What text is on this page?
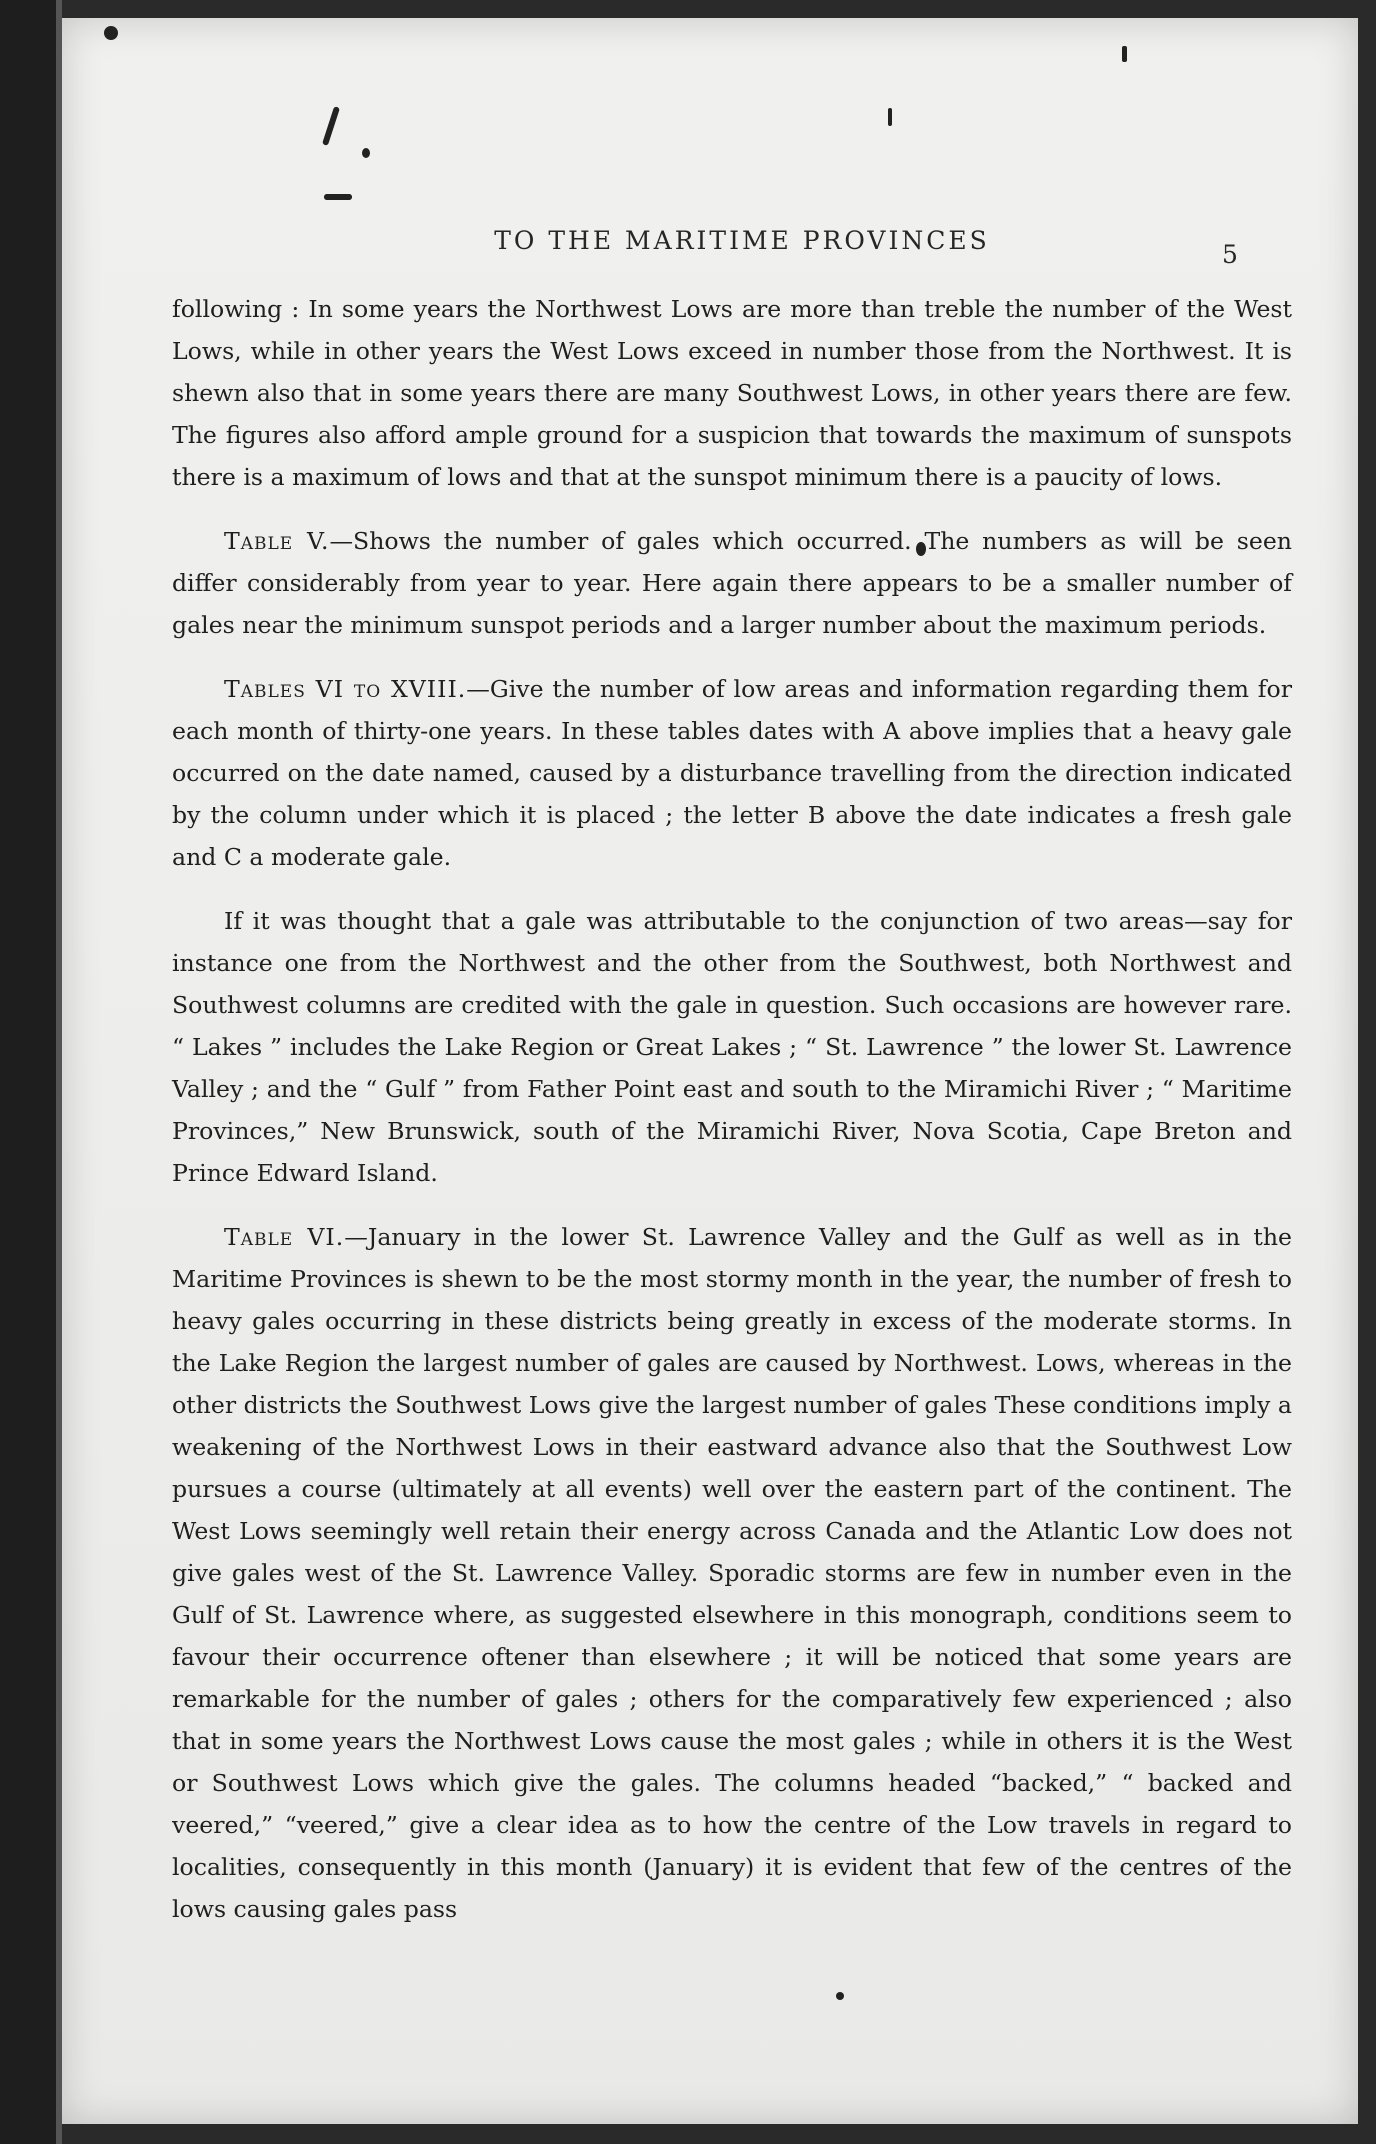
TO THE MARITIME PROVINCES	5

following : In some years the Northwest Lows are more than treble the number of the West Lows, while in other years the West Lows exceed in number those from the Northwest. It is shewn also that in some years there are many Southwest Lows, in other years there are few. The figures also afford ample ground for a suspicion that towards the maximum of sunspots there is a maximum of lows and that at the sunspot minimum there is a paucity of lows.

Table V.—Shows the number of gales which occurred. The numbers as will be seen differ considerably from year to year. Here again there appears to be a smaller number of gales near the minimum sunspot periods and a larger number about the maximum periods.

Tables VI to XVIII.—Give the number of low areas and information regarding them for each month of thirty-one years. In these tables dates with A above implies that a heavy gale occurred on the date named, caused by a disturbance travelling from the direction indicated by the column under which it is placed ; the letter B above the date indicates a fresh gale and C a moderate gale.

If it was thought that a gale was attributable to the conjunction of two areas—say for instance one from the Northwest and the other from the Southwest, both Northwest and Southwest columns are credited with the gale in question. Such occasions are however rare. “ Lakes ” includes the Lake Region or Great Lakes ; “ St. Lawrence ” the lower St. Lawrence Valley ; and the “ Gulf ” from Father Point east and south to the Miramichi River ; “ Maritime Provinces,” New Brunswick, south of the Miramichi River, Nova Scotia, Cape Breton and Prince Edward Island.

Table VI.—January in the lower St. Lawrence Valley and the Gulf as well as in the Maritime Provinces is shewn to be the most stormy month in the year, the number of fresh to heavy gales occurring in these districts being greatly in excess of the moderate storms. In the Lake Region the largest number of gales are caused by Northwest. Lows, whereas in the other districts the Southwest Lows give the largest number of gales These conditions imply a weakening of the Northwest Lows in their eastward advance also that the Southwest Low pursues a course (ultimately at all events) well over the eastern part of the continent. The West Lows seemingly well retain their energy across Canada and the Atlantic Low does not give gales west of the St. Lawrence Valley. Sporadic storms are few in number even in the Gulf of St. Lawrence where, as suggested elsewhere in this monograph, conditions seem to favour their occurrence oftener than elsewhere ; it will be noticed that some years are remarkable for the number of gales ; others for the comparatively few experienced ; also that in some years the Northwest Lows cause the most gales ; while in others it is the West or Southwest Lows which give the gales. The columns headed “backed,” “ backed and veered,” “veered,” give a clear idea as to how the centre of the Low travels in regard to localities, consequently in this month (January) it is evident that few of the centres of the lows causing gales pass
